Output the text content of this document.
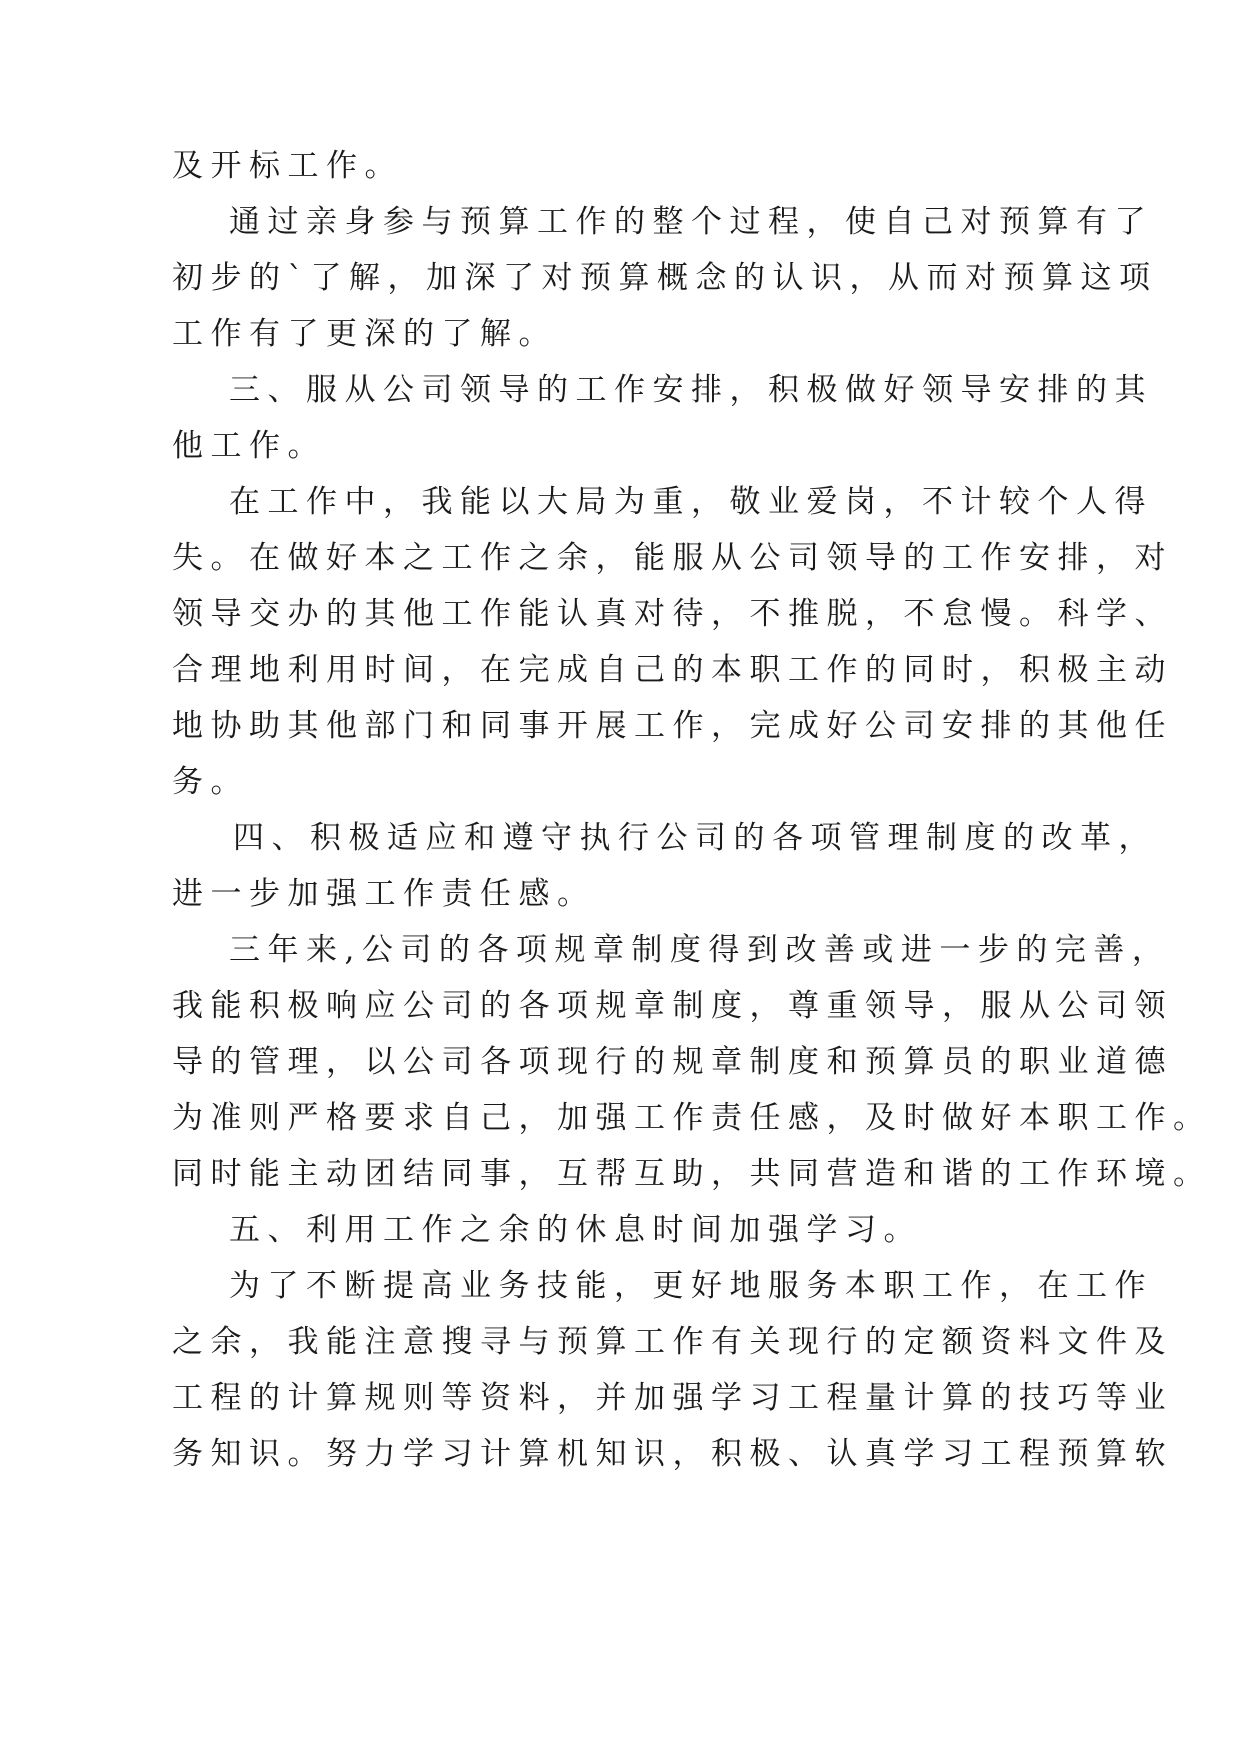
及开标工作。

通过亲身参与预算工作的整个过程，使自己对预算有了

初步的`了解，加深了对预算概念的认识，从而对预算这项

工作有了更深的了解。

三、服从公司领导的工作安排，积极做好领导安排的其

他工作。

在工作中，我能以大局为重，敬业爱岗，不计较个人得

失。在做好本之工作之余，能服从公司领导的工作安排，对

领导交办的其他工作能认真对待，不推脱，不怠慢。科学、

合理地利用时间，在完成自己的本职工作的同时，积极主动

地协助其他部门和同事开展工作，完成好公司安排的其他任

务。

四、积极适应和遵守执行公司的各项管理制度的改革，

进一步加强工作责任感。

三年来,公司的各项规章制度得到改善或进一步的完善，

我能积极响应公司的各项规章制度，尊重领导，服从公司领

导的管理，以公司各项现行的规章制度和预算员的职业道德

为准则严格要求自己，加强工作责任感，及时做好本职工作。

同时能主动团结同事，互帮互助，共同营造和谐的工作环境。

五、利用工作之余的休息时间加强学习。

为了不断提高业务技能，更好地服务本职工作，在工作

之余，我能注意搜寻与预算工作有关现行的定额资料文件及

工程的计算规则等资料，并加强学习工程量计算的技巧等业

务知识。努力学习计算机知识，积极、认真学习工程预算软
